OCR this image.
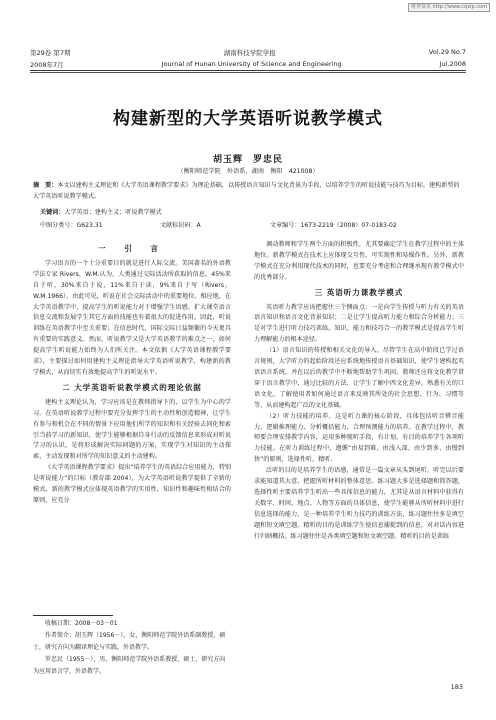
维普资讯 http://www.cqvip.com
第29卷 第7期	湖南科技学院学报	Vol.29 No.7
2008年7月	Journal of Hunan University of Science and Engineering	Jul.2008
构建新型的大学英语听说教学模式
胡玉辉　罗忠民
（衡阳师范学院　外语系，湖南　衡阳　421008）
摘　要：本文以建构主义理论和《大学英语课程教学要求》为理论基础，以传授语言知识与文化背景为手段，以培养学生的听说技能与技巧为目标，建构新型的大学英语听说教学模式。
关键词：大学英语；建构主义；听说教学模式
中图分类号：G623.31	文献标识码：A	文章编号：1673-2219（2008）07-0183-02
一 引 言

学习语言的一个十分重要目的就是进行人际交流。美国著名的外语教学法专家 Rivers，W.M.认为，人类通过交际活动所获取的信息，45%来自于听，30%来自于说，11%来自于读，9%来自于写（Rivers，W.M.1966）。由此可见，听说在社会交际活动中的重要地位。相应地，在大学英语教学中，提高学生的听说能力对于增强学生语感、扩大课堂语言信息交流和发展学生其它方面的技能也有着很大的促进作用。因此，听说训练在英语教学中至关重要；在信息时代，国际交际日益频繁的今天更具有重要的实践意义。然而，听说教学又是大学英语教学的难点之一，如何提高学生听说能力始终为人们所关注。本文依据《大学英语课程教学要求》，主要探讨如何用建构主义理论指导大学英语听说教学，构建新的教学模式，从而切实有效地提高学生的听说水平。

二 大学英语听说教学模式的理论依据

建构主义理论认为，学习应该是在教师指导下的、以学生为中心的学习。在英语听说教学过程中要充分发挥学生的主动性和创造精神，让学生有参与和机会在不同的情景下应用他们所学的知识和有关经验去同化和索引当前学习的新知识，使学生能够根据自身行动的反馈信息来形成对听说学习的认识，是将形成解决实际问题的方案，实现学生对知识的主动探索、主动发现和对所学的知识意义的主动建构。

《大学英语课程教学要求》提出“培养学生的英语综合应用能力，特别是听说能力”的目标（教育部 2004），为大学英语听说教学提供了全新的模式。新的教学模式应体现英语教学的实用性、知识性和趣味性相结合的原则，应充分

收稿日期：2008－03－01

作者简介：胡玉辉（1956－），女，衡阳师范学院外语系副教授，硕士，研究方向为翻译理论与实践，外语教学。

罗忠民（1955－），男，衡阳师范学院外语系教授，硕士，研究方向为应用语言学，外语教学。

调动教师和学生两个方面的积极性，尤其要确定学生在教学过程中的主体地位。新教学模式在技术上应体现交互性、可实现性和易操作性。另外，新教学模式在充分利用现代技术的同时，也要充分考虑和合理继承现有教学模式中的优秀部分。

三 英语听力课教学模式

英语听力教学应该把握住三个侧面点：一是向学生传授与听力有关的英语语言知识和语言文化背景知识；二是让学生提高听力能力和综合分析能力；三是对学生进行听力技巧训练。知识、能力和技巧合一的教学模式是提高学生听力理解能力的根本途径。

（1）语言知识的传授和相关文化的导入。尽管学生在高中阶段已学过语言规则，大学听力的起始阶段还应系统地传授语言基础知识，使学生建构起英语语言系统，并在以后的教学中不断地帮助学生巩固。教师还应将文化教学贯穿于语言教学中，通过比较的方法，让学生了解中西文化差异，熟悉有关的口语文化，了解使用者如何通过语言来反映其所处的社会思想、行为、习惯等等，从而建构起广泛的文化基础。

（2）听力技能的培养。这是听力课的核心阶段，具体包括听音辨音能力、逻辑推理能力、分析概括能力、合理预测能力的培养。在教学过程中，教师要合理安排教学内容，运用多种现听手段，有计划、有目的培养学生各项听力技能。在听力训练过程中，遵循“由易到难、由浅入深、由少到多、由慢到快”的原则，选择性听，精听。

泛听的目的是培养学生的语感，通常是一篇文章从头到尾听，听完以后要求能知道其大意，把握所听材料的整体意思。练习题大多是选择题和简答题，选择性听主要培养学生听出一些具体信息的能力，尤其是从语言材料中获得有关数字、时间、地点、人物等方面的具体信息，使学生能够从所听材料中进行信息选择的能力，是一种培养学生听力技巧的训练方法，练习题往往多是填空题和短文填空题。精听的目的是训练学生使信息捕捉到的信息，对对话内容进行归纳概括。练习题往往是各类填空题和短文填空题。精听的目的是训练

183
